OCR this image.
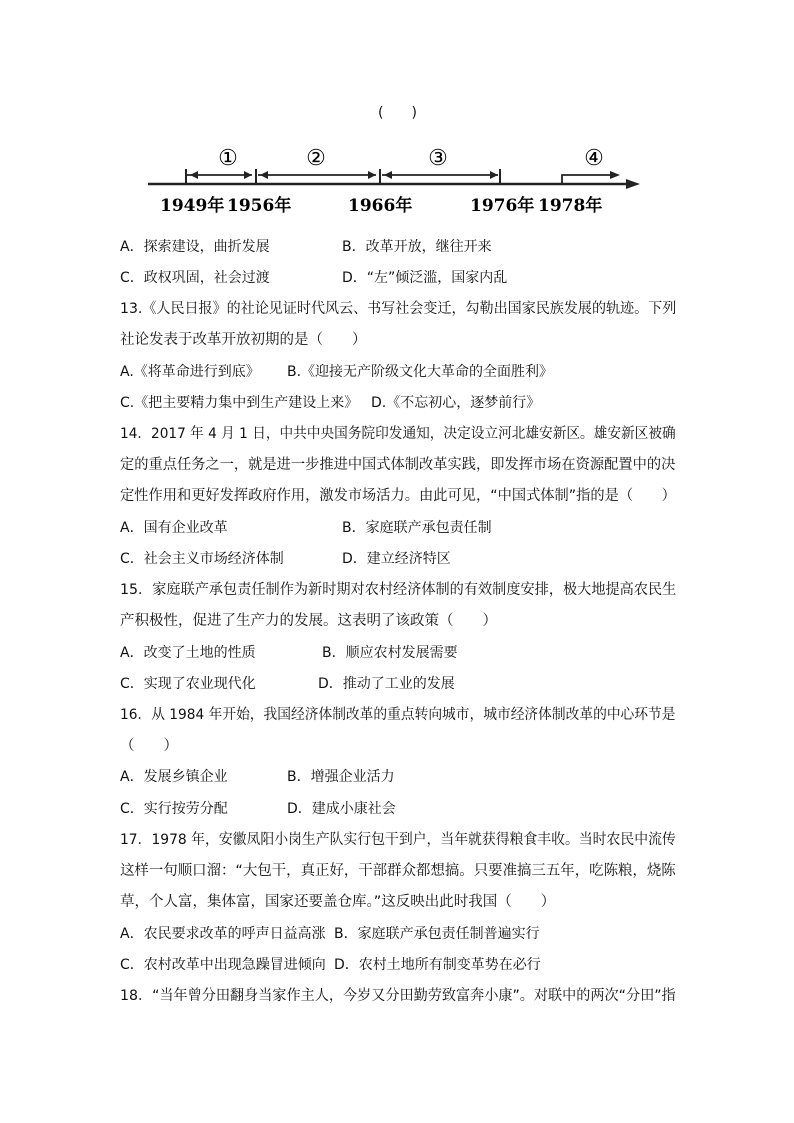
(　　)
①	②	③	④
1949年 1956年	1966年	1976年 1978年
A．探索建设，曲折发展	B．改革开放，继往开来
C．政权巩固，社会过渡	D．“左”倾泛滥，国家内乱
13.《人民日报》的社论见证时代风云、书写社会变迁，勾勒出国家民族发展的轨迹。下列
社论发表于改革开放初期的是（　　）
A.《将革命进行到底》 B.《迎接无产阶级文化大革命的全面胜利》
C.《把主要精力集中到生产建设上来》 D.《不忘初心，逐梦前行》
14．2017 年 4 月 1 日，中共中央国务院印发通知，决定设立河北雄安新区。雄安新区被确
定的重点任务之一，就是进一步推进中国式体制改革实践，即发挥市场在资源配置中的决
定性作用和更好发挥政府作用，激发市场活力。由此可见，“中国式体制”指的是（　　）
A．国有企业改革	B．家庭联产承包责任制
C．社会主义市场经济体制	D．建立经济特区
15．家庭联产承包责任制作为新时期对农村经济体制的有效制度安排，极大地提高农民生
产积极性，促进了生产力的发展。这表明了该政策（　　）
A．改变了土地的性质	B．顺应农村发展需要
C．实现了农业现代化	D．推动了工业的发展
16．从 1984 年开始，我国经济体制改革的重点转向城市，城市经济体制改革的中心环节是
（　　）
A．发展乡镇企业	B．增强企业活力
C．实行按劳分配	D．建成小康社会
17．1978 年，安徽凤阳小岗生产队实行包干到户，当年就获得粮食丰收。当时农民中流传
这样一句顺口溜：“大包干，真正好，干部群众都想搞。只要准搞三五年，吃陈粮，烧陈
草，个人富，集体富，国家还要盖仓库。”这反映出此时我国（　　）
A．农民要求改革的呼声日益高涨 B．家庭联产承包责任制普遍实行
C．农村改革中出现急躁冒进倾向 D．农村土地所有制变革势在必行
18．“当年曾分田翻身当家作主人，今岁又分田勤劳致富奔小康”。对联中的两次“分田”指
